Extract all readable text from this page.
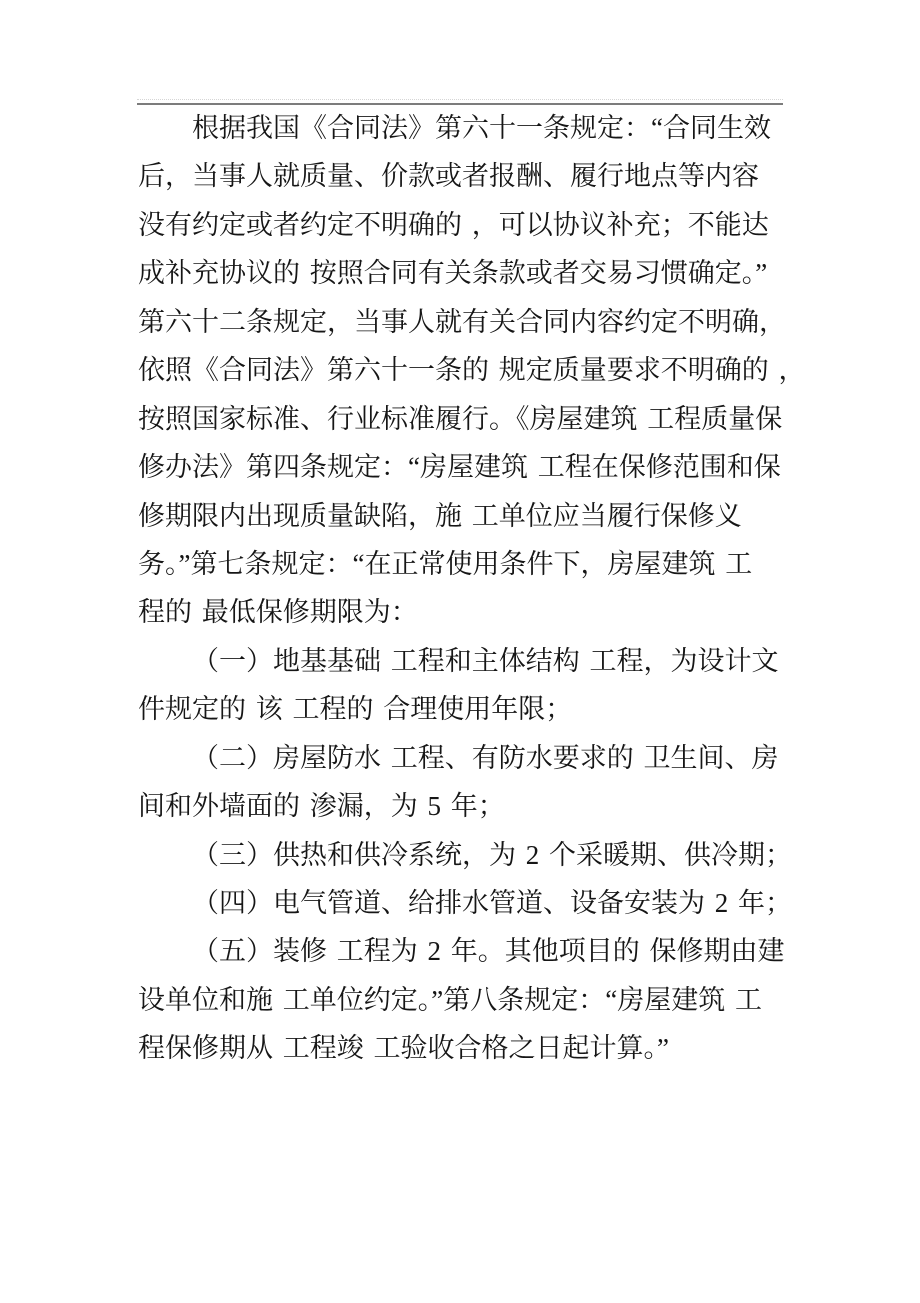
根据我国《合同法》第六十一条规定：“合同生效
后，当事人就质量、价款或者报酬、履行地点等内容
没有约定或者约定不明确的 ，可以协议补充；不能达
成补充协议的 按照合同有关条款或者交易习惯确定。”
第六十二条规定，当事人就有关合同内容约定不明确，
依照《合同法》第六十一条的 规定质量要求不明确的 ，
按照国家标准、行业标准履行。《房屋建筑 工程质量保
修办法》第四条规定：“房屋建筑 工程在保修范围和保
修期限内出现质量缺陷，施 工单位应当履行保修义
务。”第七条规定：“在正常使用条件下，房屋建筑 工
程的 最低保修期限为：
（一）地基基础 工程和主体结构 工程，为设计文
件规定的 该 工程的 合理使用年限；
（二）房屋防水 工程、有防水要求的 卫生间、房
间和外墙面的 渗漏，为 5 年；
（三）供热和供冷系统，为 2 个采暖期、供冷期；
（四）电气管道、给排水管道、设备安装为 2 年；
（五）装修 工程为 2 年。其他项目的 保修期由建
设单位和施 工单位约定。”第八条规定：“房屋建筑 工
程保修期从 工程竣 工验收合格之日起计算。”
